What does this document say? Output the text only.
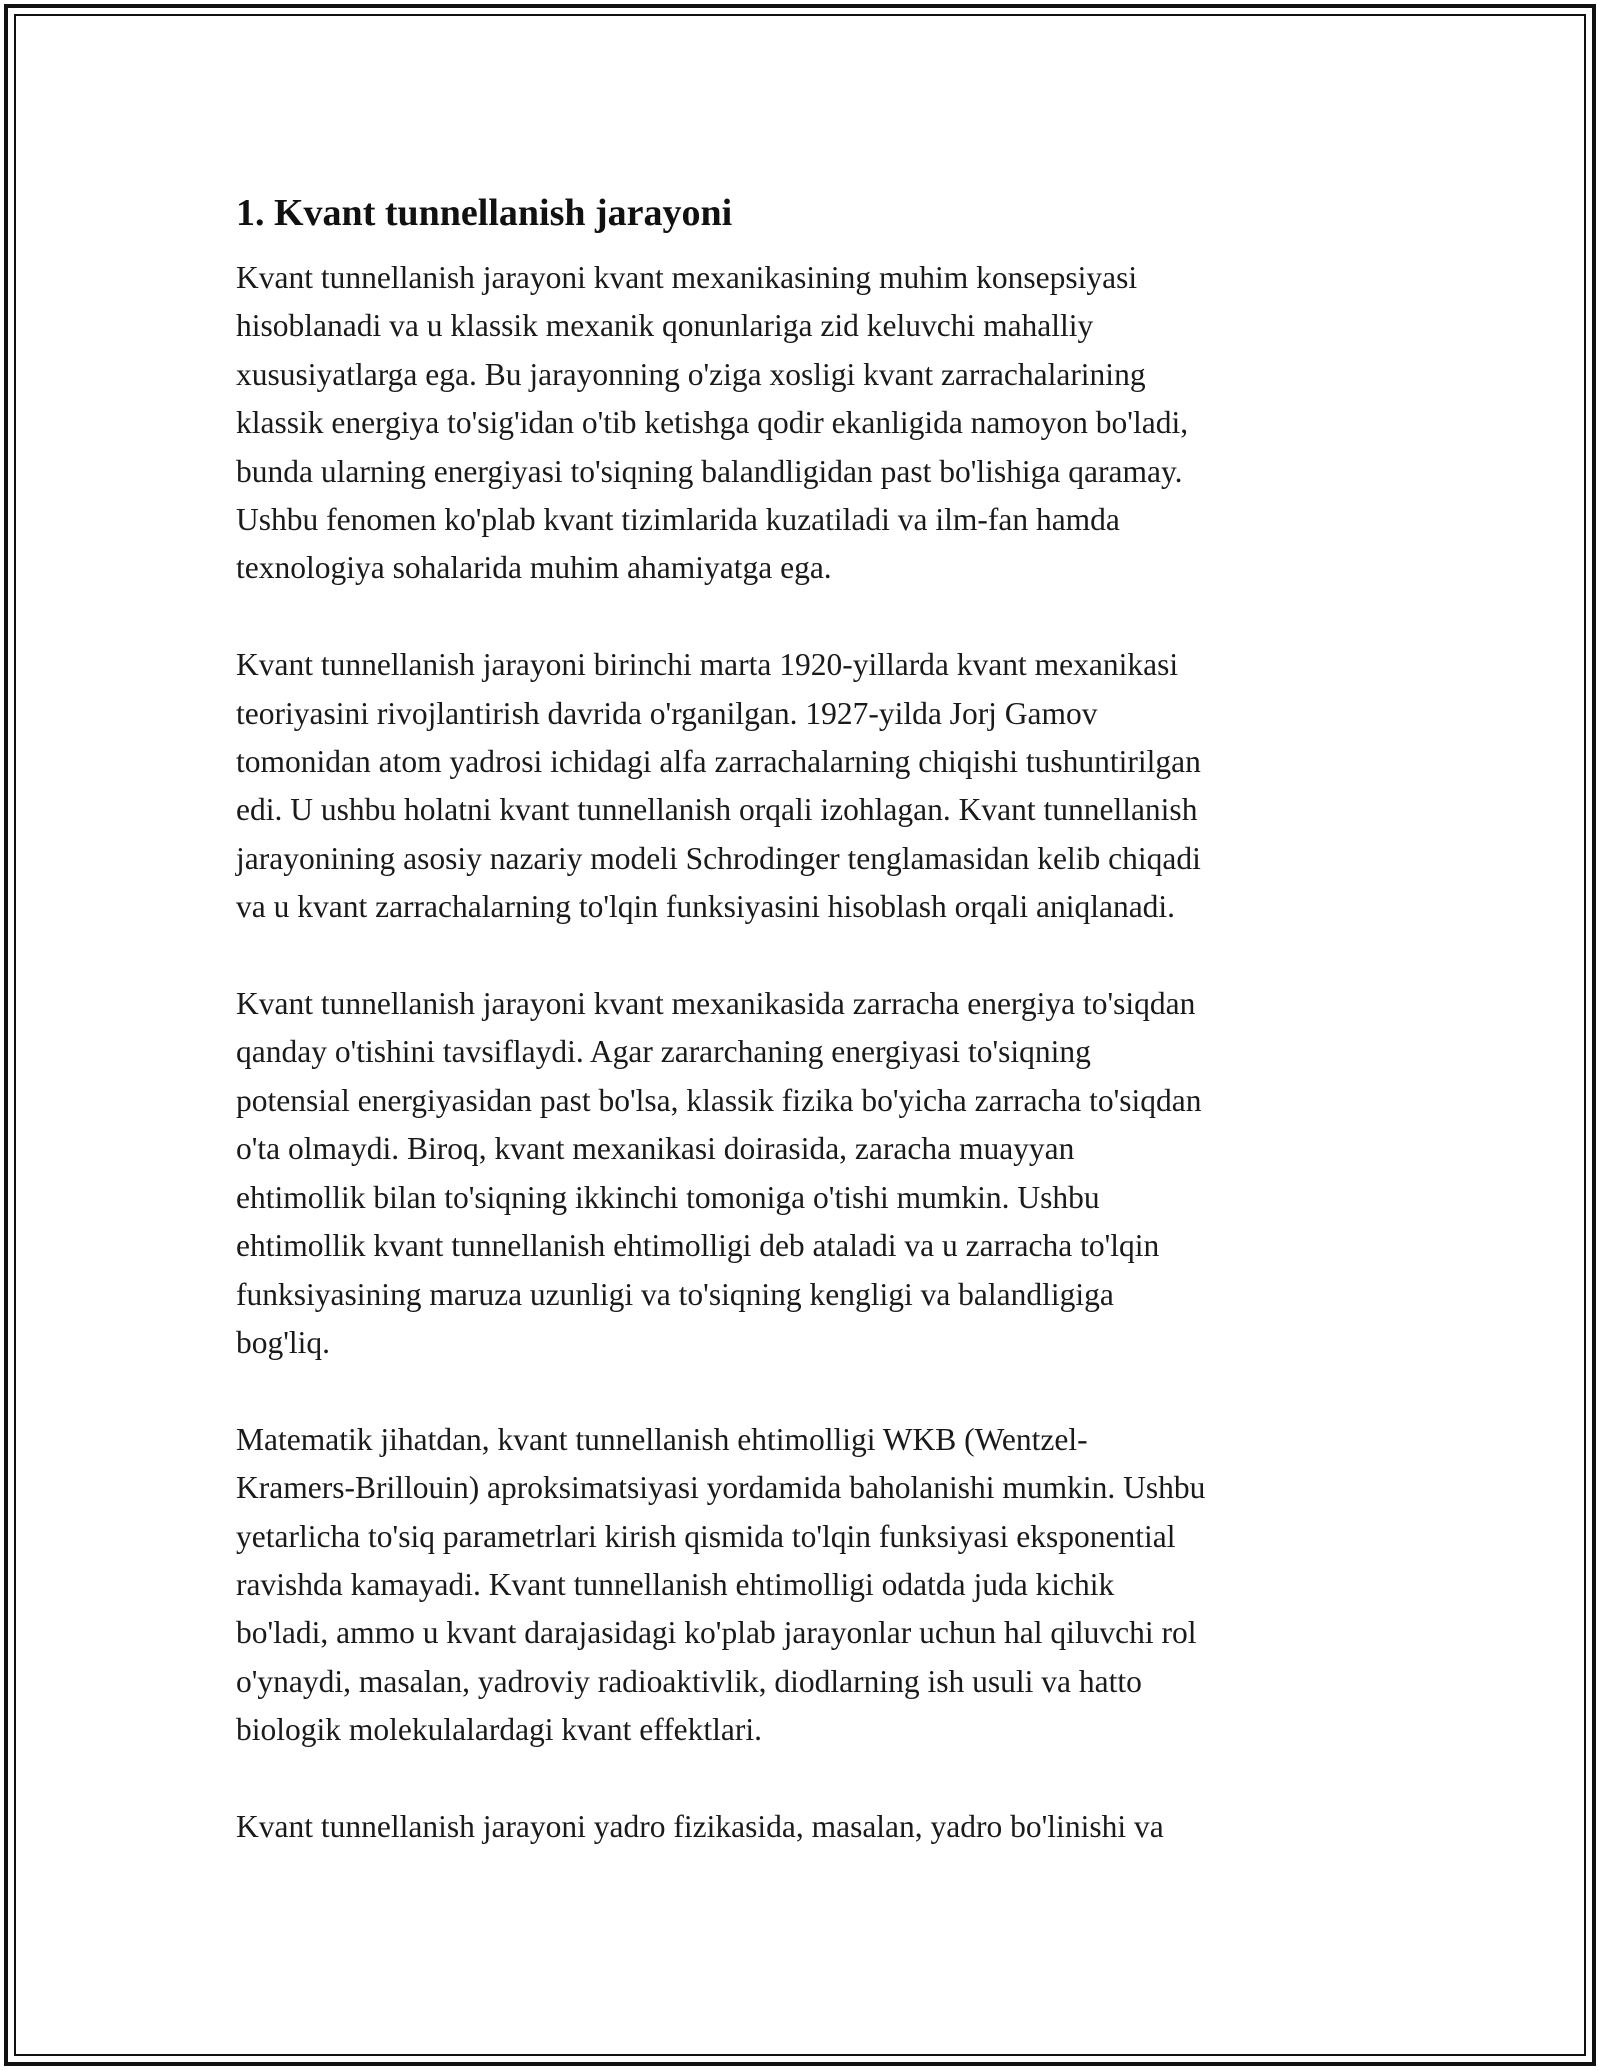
1. Kvant tunnellanish jarayoni

Kvant tunnellanish jarayoni kvant mexanikasining muhim konsepsiyasi
hisoblanadi va u klassik mexanik qonunlariga zid keluvchi mahalliy
xususiyatlarga ega. Bu jarayonning o'ziga xosligi kvant zarrachalarining
klassik energiya to'sig'idan o'tib ketishga qodir ekanligida namoyon bo'ladi,
bunda ularning energiyasi to'siqning balandligidan past bo'lishiga qaramay.
Ushbu fenomen ko'plab kvant tizimlarida kuzatiladi va ilm-fan hamda
texnologiya sohalarida muhim ahamiyatga ega.

Kvant tunnellanish jarayoni birinchi marta 1920-yillarda kvant mexanikasi
teoriyasini rivojlantirish davrida o'rganilgan. 1927-yilda Jorj Gamov
tomonidan atom yadrosi ichidagi alfa zarrachalarning chiqishi tushuntirilgan
edi. U ushbu holatni kvant tunnellanish orqali izohlagan. Kvant tunnellanish
jarayonining asosiy nazariy modeli Schrodinger tenglamasidan kelib chiqadi
va u kvant zarrachalarning to'lqin funksiyasini hisoblash orqali aniqlanadi.

Kvant tunnellanish jarayoni kvant mexanikasida zarracha energiya to'siqdan
qanday o'tishini tavsiflaydi. Agar zararchaning energiyasi to'siqning
potensial energiyasidan past bo'lsa, klassik fizika bo'yicha zarracha to'siqdan
o'ta olmaydi. Biroq, kvant mexanikasi doirasida, zaracha muayyan
ehtimollik bilan to'siqning ikkinchi tomoniga o'tishi mumkin. Ushbu
ehtimollik kvant tunnellanish ehtimolligi deb ataladi va u zarracha to'lqin
funksiyasining maruza uzunligi va to'siqning kengligi va balandligiga
bog'liq.

Matematik jihatdan, kvant tunnellanish ehtimolligi WKB (Wentzel-
Kramers-Brillouin) aproksimatsiyasi yordamida baholanishi mumkin. Ushbu
yetarlicha to'siq parametrlari kirish qismida to'lqin funksiyasi eksponential
ravishda kamayadi. Kvant tunnellanish ehtimolligi odatda juda kichik
bo'ladi, ammo u kvant darajasidagi ko'plab jarayonlar uchun hal qiluvchi rol
o'ynaydi, masalan, yadroviy radioaktivlik, diodlarning ish usuli va hatto
biologik molekulalardagi kvant effektlari.

Kvant tunnellanish jarayoni yadro fizikasida, masalan, yadro bo'linishi va
